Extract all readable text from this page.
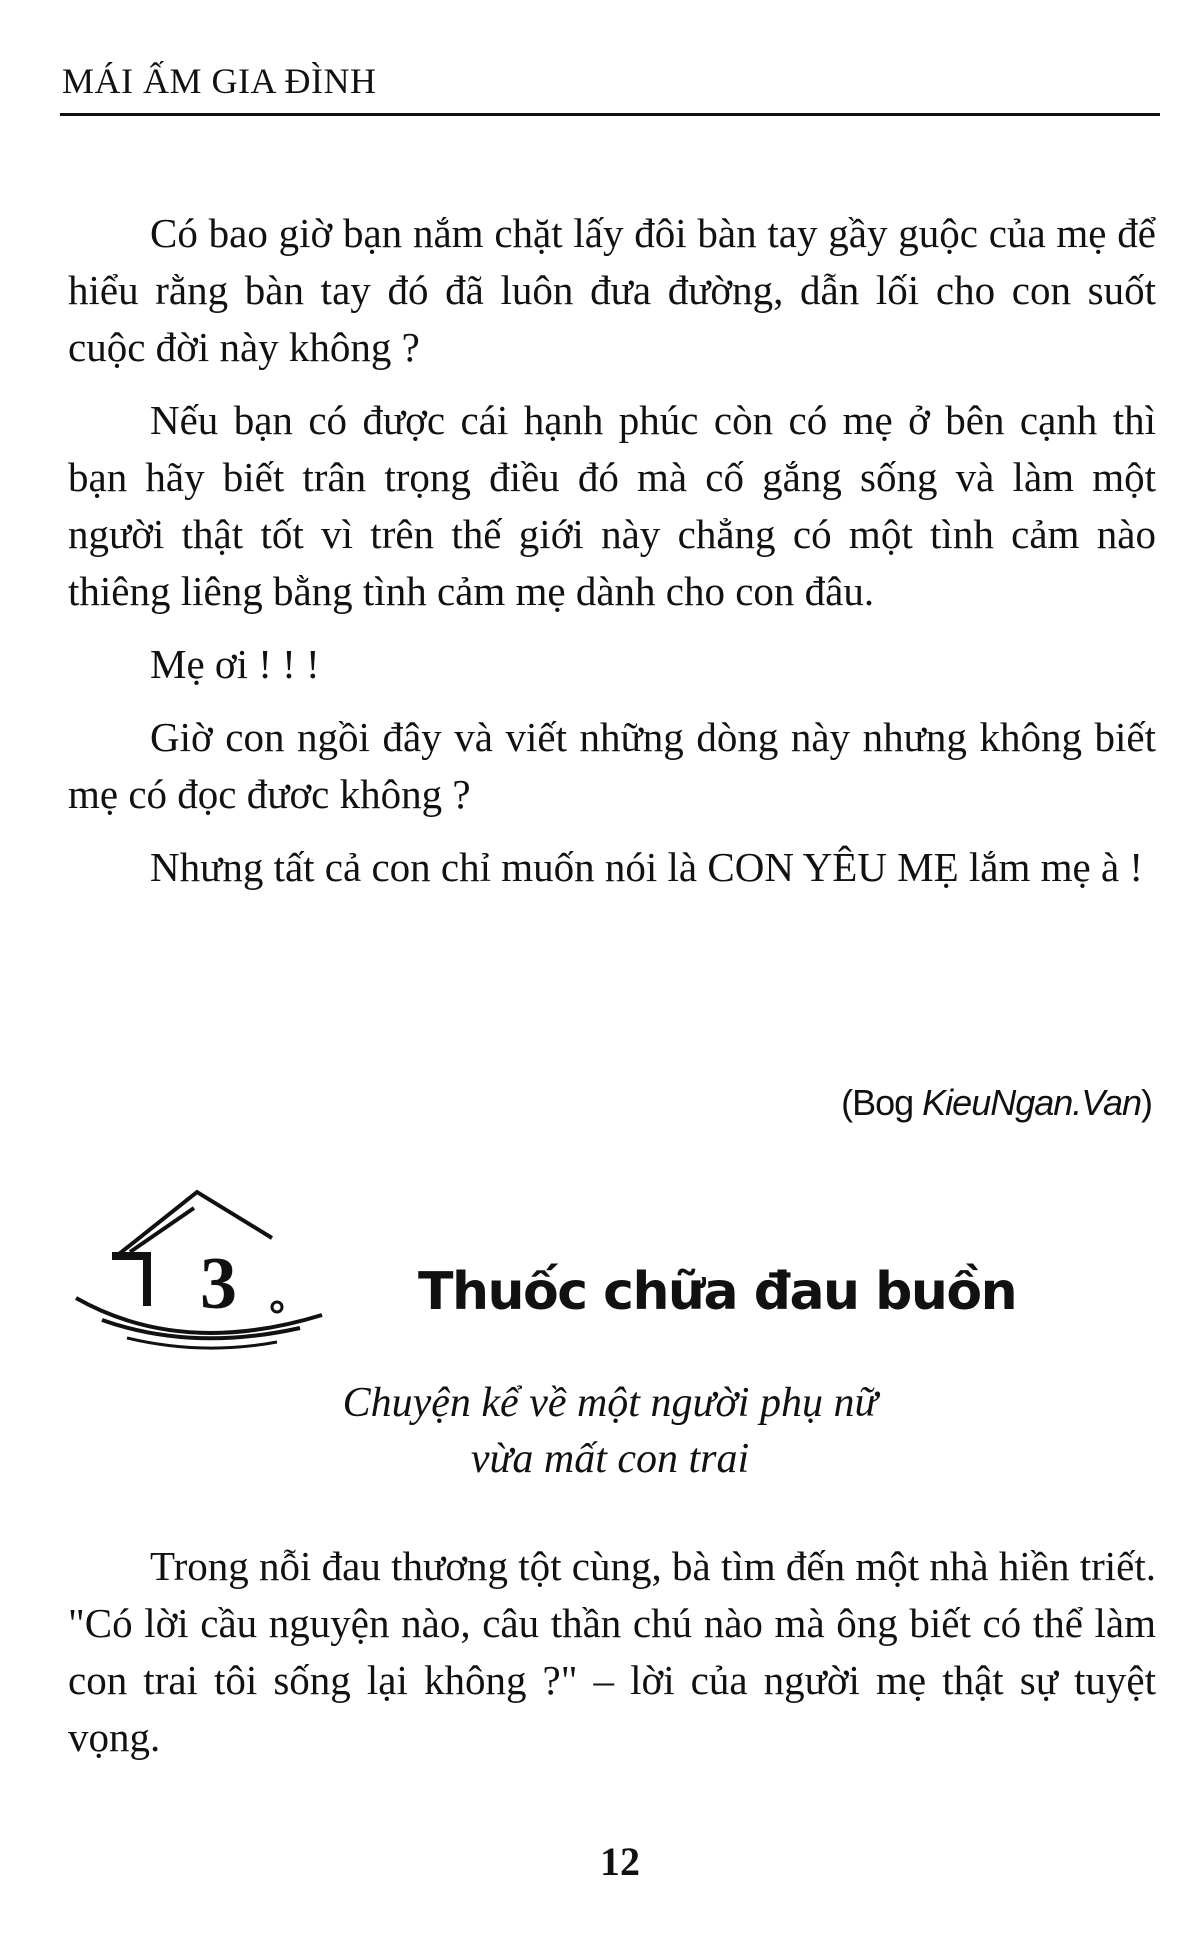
MÁI ẤM GIA ĐÌNH

Có bao giờ bạn nắm chặt lấy đôi bàn tay gầy guộc của mẹ để hiểu rằng bàn tay đó đã luôn đưa đường, dẫn lối cho con suốt cuộc đời này không ?

Nếu bạn có được cái hạnh phúc còn có mẹ ở bên cạnh thì bạn hãy biết trân trọng điều đó mà cố gắng sống và làm một người thật tốt vì trên thế giới này chẳng có một tình cảm nào thiêng liêng bằng tình cảm mẹ dành cho con đâu.

Mẹ ơi ! ! !

Giờ con ngồi đây và viết những dòng này nhưng không biết mẹ có đọc đươc không ?

Nhưng tất cả con chỉ muốn nói là CON YÊU MẸ lắm mẹ à !

(Bog KieuNgan.Van)
3	Thuốc chữa đau buồn
Chuyện kể về một người phụ nữ
vừa mất con trai

Trong nỗi đau thương tột cùng, bà tìm đến một nhà hiền triết. "Có lời cầu nguyện nào, câu thần chú nào mà ông biết có thể làm con trai tôi sống lại không ?" – lời của người mẹ thật sự tuyệt vọng.

12
